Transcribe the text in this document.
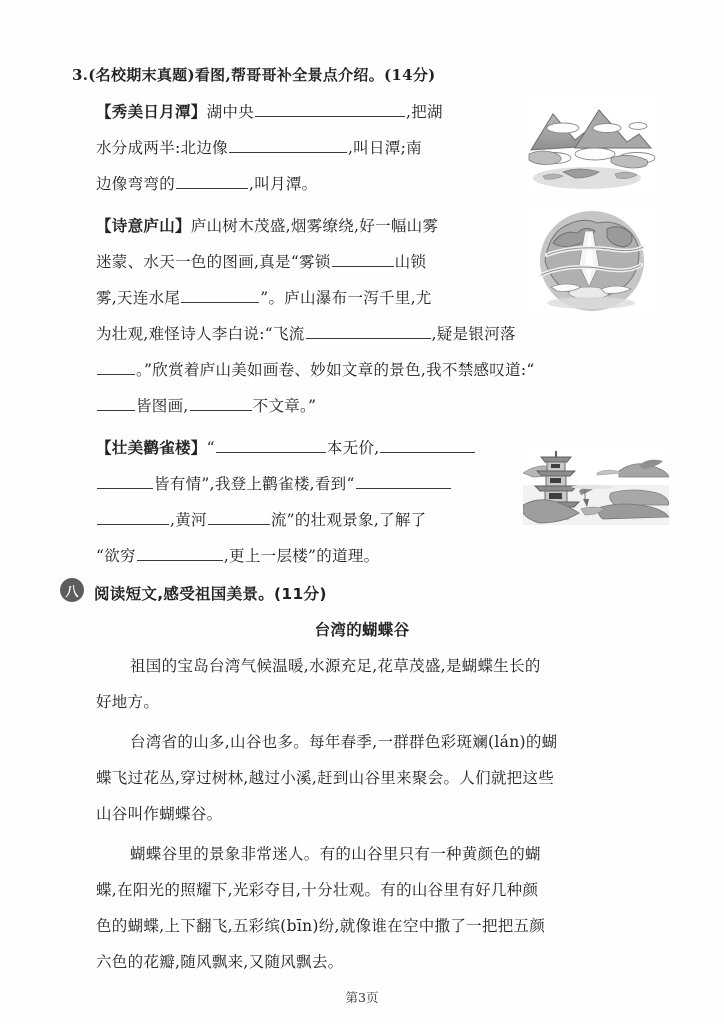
3.(名校期末真题)看图,帮哥哥补全景点介绍。(14分)
【秀美日月潭】湖中央	,把湖
水分成两半:北边像	,叫日潭;南
边像弯弯的	,叫月潭。
【诗意庐山】庐山树木茂盛,烟雾缭绕,好一幅山雾
迷蒙、水天一色的图画,真是“雾锁	山锁
雾,天连水尾	”。庐山瀑布一泻千里,尤
为壮观,难怪诗人李白说:“飞流	,疑是银河落
。”欣赏着庐山美如画卷、妙如文章的景色,我不禁感叹道:“
皆图画,	不文章。”
【壮美鹳雀楼】“	本无价,
皆有情”,我登上鹳雀楼,看到“
,黄河	流”的壮观景象,了解了
“欲穷	,更上一层楼”的道理。
八	阅读短文,感受祖国美景。(11分)
台湾的蝴蝶谷
祖国的宝岛台湾气候温暖,水源充足,花草茂盛,是蝴蝶生长的
好地方。
台湾省的山多,山谷也多。每年春季,一群群色彩斑斓(lán)的蝴
蝶飞过花丛,穿过树林,越过小溪,赶到山谷里来聚会。人们就把这些
山谷叫作蝴蝶谷。
蝴蝶谷里的景象非常迷人。有的山谷里只有一种黄颜色的蝴
蝶,在阳光的照耀下,光彩夺目,十分壮观。有的山谷里有好几种颜
色的蝴蝶,上下翻飞,五彩缤(bīn)纷,就像谁在空中撒了一把把五颜
六色的花瓣,随风飘来,又随风飘去。
第3页
